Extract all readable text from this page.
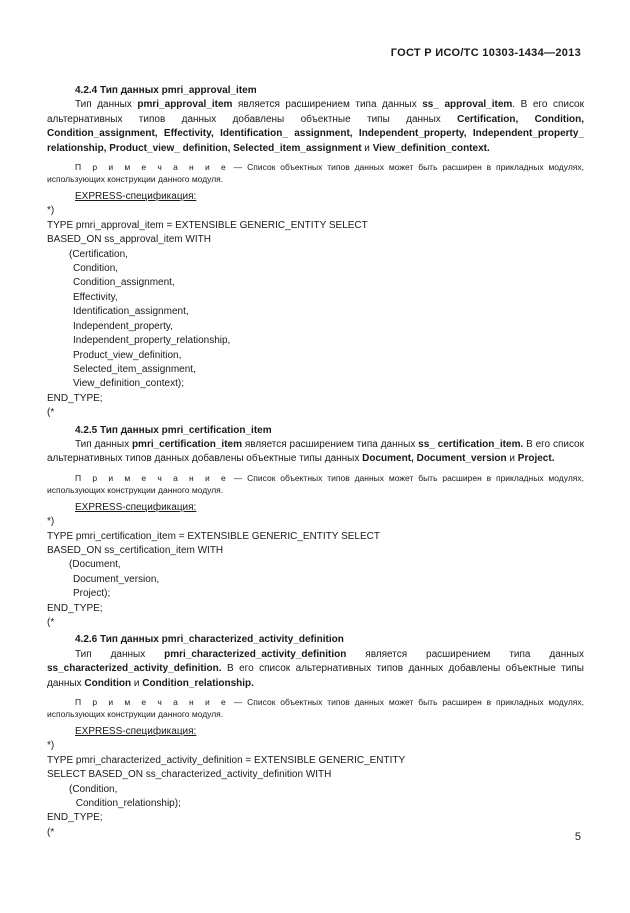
ГОСТ Р ИСО/ТС 10303-1434—2013
4.2.4 Тип данных pmri_approval_item
Тип данных pmri_approval_item является расширением типа данных ss_ approval_item. В его список альтернативных типов данных добавлены объектные типы данных Certification, Condition, Condition_assignment, Effectivity, Identification_ assignment, Independent_property, Independent_property_ relationship, Product_view_ definition, Selected_item_assignment и View_definition_context.
П р и м е ч а н и е — Список объектных типов данных может быть расширен в прикладных модулях, использующих конструкции данного модуля.
EXPRESS-спецификация:
*)
TYPE pmri_approval_item = EXTENSIBLE GENERIC_ENTITY SELECT
BASED_ON ss_approval_item WITH
(Certification,
Condition,
Condition_assignment,
Effectivity,
Identification_assignment,
Independent_property,
Independent_property_relationship,
Product_view_definition,
Selected_item_assignment,
View_definition_context);
END_TYPE;
(*
4.2.5 Тип данных pmri_certification_item
Тип данных pmri_certification_item является расширением типа данных ss_ certification_item. В его список альтернативных типов данных добавлены объектные типы данных Document, Document_version и Project.
П р и м е ч а н и е — Список объектных типов данных может быть расширен в прикладных модулях, использующих конструкции данного модуля.
EXPRESS-спецификация:
*)
TYPE pmri_certification_item = EXTENSIBLE GENERIC_ENTITY SELECT
BASED_ON ss_certification_item WITH
(Document,
Document_version,
Project);
END_TYPE;
(*
4.2.6 Тип данных pmri_characterized_activity_definition
Тип данных pmri_characterized_activity_definition является расширением типа данных ss_characterized_activity_definition. В его список альтернативных типов данных добавлены объектные типы данных Condition и Condition_relationship.
П р и м е ч а н и е — Список объектных типов данных может быть расширен в прикладных модулях, использующих конструкции данного модуля.
EXPRESS-спецификация:
*)
TYPE pmri_characterized_activity_definition = EXTENSIBLE GENERIC_ENTITY
SELECT BASED_ON ss_characterized_activity_definition WITH
(Condition,
Condition_relationship);
END_TYPE;
(*	5
